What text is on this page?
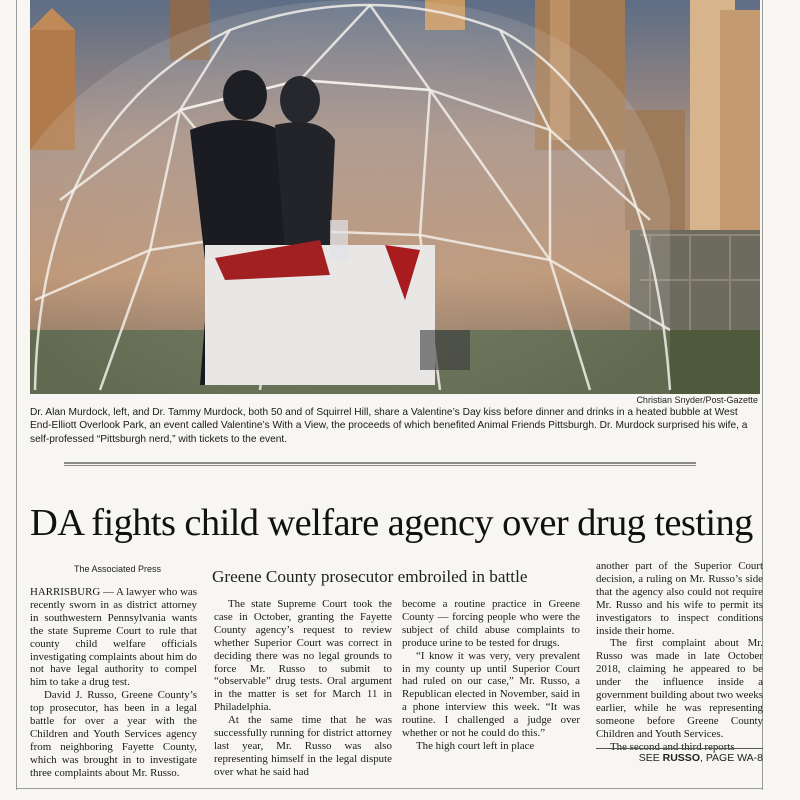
Christian Snyder/Post-Gazette
Dr. Alan Murdock, left, and Dr. Tammy Murdock, both 50 and of Squirrel Hill, share a Valentine’s Day kiss before dinner and drinks in a heated bubble at West End-Elliott Overlook Park, an event called Valentine’s With a View, the proceeds of which benefited Animal Friends Pittsburgh. Dr. Murdock surprised his wife, a self-professed “Pittsburgh nerd,” with tickets to the event.
DA fights child welfare agency over drug testing
The Associated Press	Greene County prosecutor embroiled in battle

HARRISBURG — A lawyer who was recently sworn in as district attorney in southwestern Pennsylvania wants the state Supreme Court to rule that county child welfare officials investigating complaints about him do not have legal authority to compel him to take a drug test.

David J. Russo, Greene County’s top prosecutor, has been in a legal battle for over a year with the Children and Youth Services agency from neighboring Fayette County, which was brought in to investigate three complaints about Mr. Russo.

The state Supreme Court took the case in October, granting the Fayette County agency’s request to review whether Superior Court was correct in deciding there was no legal grounds to force Mr. Russo to submit to “observable” drug tests. Oral argument in the matter is set for March 11 in Philadelphia.

At the same time that he was successfully running for district attorney last year, Mr. Russo was also representing himself in the legal dispute over what he said had

become a routine practice in Greene County — forcing people who were the subject of child abuse complaints to produce urine to be tested for drugs.

“I know it was very, very prevalent in my county up until Superior Court had ruled on our case,” Mr. Russo, a Republican elected in November, said in a phone interview this week. “It was routine. I challenged a judge over whether or not he could do this.”

The high court left in place

another part of the Superior Court decision, a ruling on Mr. Russo’s side that the agency also could not require Mr. Russo and his wife to permit its investigators to inspect conditions inside their home.

The first complaint about Mr. Russo was made in late October 2018, claiming he appeared to be under the influence inside a government building about two weeks earlier, while he was representing someone before Greene County Children and Youth Services.

The second and third reports

SEE RUSSO, PAGE WA-8
